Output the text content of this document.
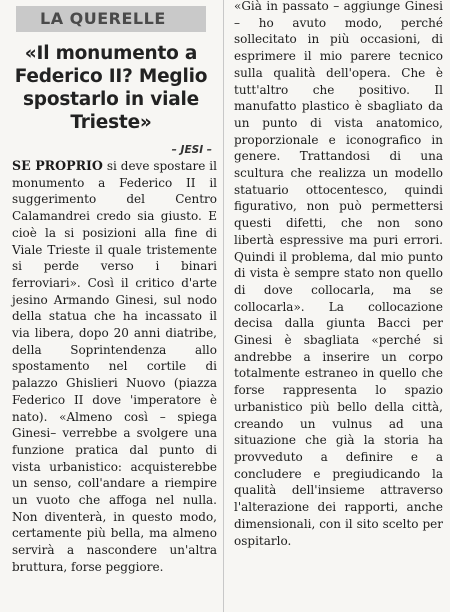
LA QUERELLE
«Il monumento a Federico II? Meglio spostarlo in viale Trieste»
– JESI –
SE PROPRIO si deve spostare il monumento a Federico II il suggerimento del Centro Calamandrei credo sia giusto. E cioè la si posizioni alla fine di Viale Trieste il quale tristemente si perde verso i binari ferroviari». Così il critico d'arte jesino Armando Ginesi, sul nodo della statua che ha incassato il via libera, dopo 20 anni diatribe, della Soprintendenza allo spostamento nel cortile di palazzo Ghislieri Nuovo (piazza Federico II dove 'imperatore è nato). «Almeno così – spiega Ginesi– verrebbe a svolgere una funzione pratica dal punto di vista urbanistico: acquisterebbe un senso, coll'andare a riempire un vuoto che affoga nel nulla. Non diventerà, in questo modo, certamente più bella, ma almeno servirà a nascondere un'altra bruttura, forse peggiore.
«Già in passato – aggiunge Ginesi – ho avuto modo, perché sollecitato in più occasioni, di esprimere il mio parere tecnico sulla qualità dell'opera. Che è tutt'altro che positivo. Il manufatto plastico è sbagliato da un punto di vista anatomico, proporzionale e iconografico in genere. Trattandosi di una scultura che realizza un modello statuario ottocentesco, quindi figurativo, non può permettersi questi difetti, che non sono libertà espressive ma puri errori. Quindi il problema, dal mio punto di vista è sempre stato non quello di dove collocarla, ma se collocarla». La collocazione decisa dalla giunta Bacci per Ginesi è sbagliata «perché si andrebbe a inserire un corpo totalmente estraneo in quello che forse rappresenta lo spazio urbanistico più bello della città, creando un vulnus ad una situazione che già la storia ha provveduto a definire e a concludere e pregiudicando la qualità dell'insieme attraverso l'alterazione dei rapporti, anche dimensionali, con il sito scelto per ospitarlo.
